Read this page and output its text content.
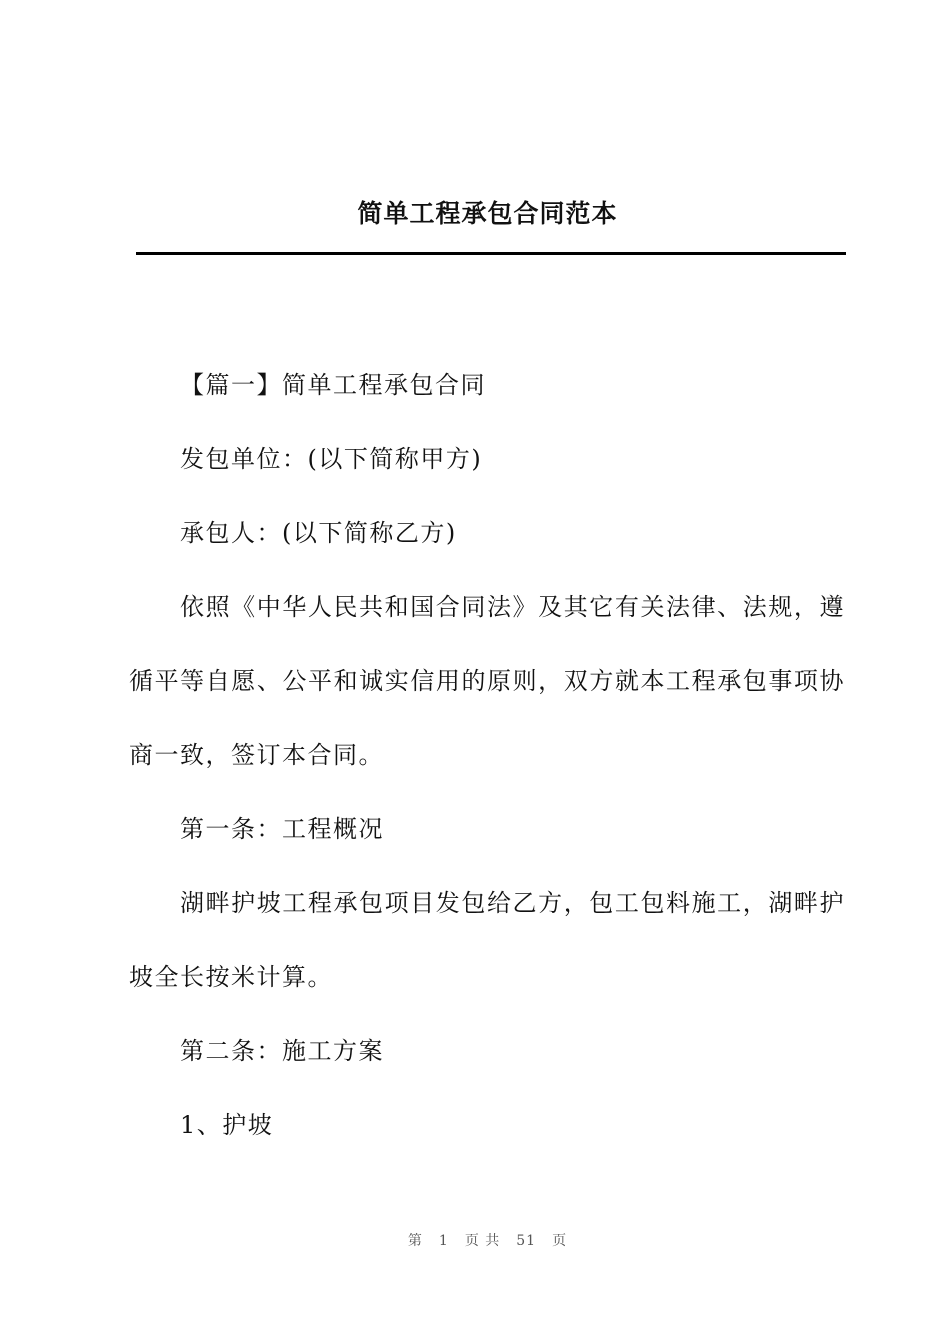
简单工程承包合同范本

【篇一】简单工程承包合同

发包单位：(以下简称甲方)

承包人：(以下简称乙方)

依照《中华人民共和国合同法》及其它有关法律、法规，遵循平等自愿、公平和诚实信用的原则，双方就本工程承包事项协商一致，签订本合同。

第一条：工程概况

湖畔护坡工程承包项目发包给乙方，包工包料施工，湖畔护坡全长按米计算。

第二条：施工方案

1、护坡

第 1 页 共 51 页
